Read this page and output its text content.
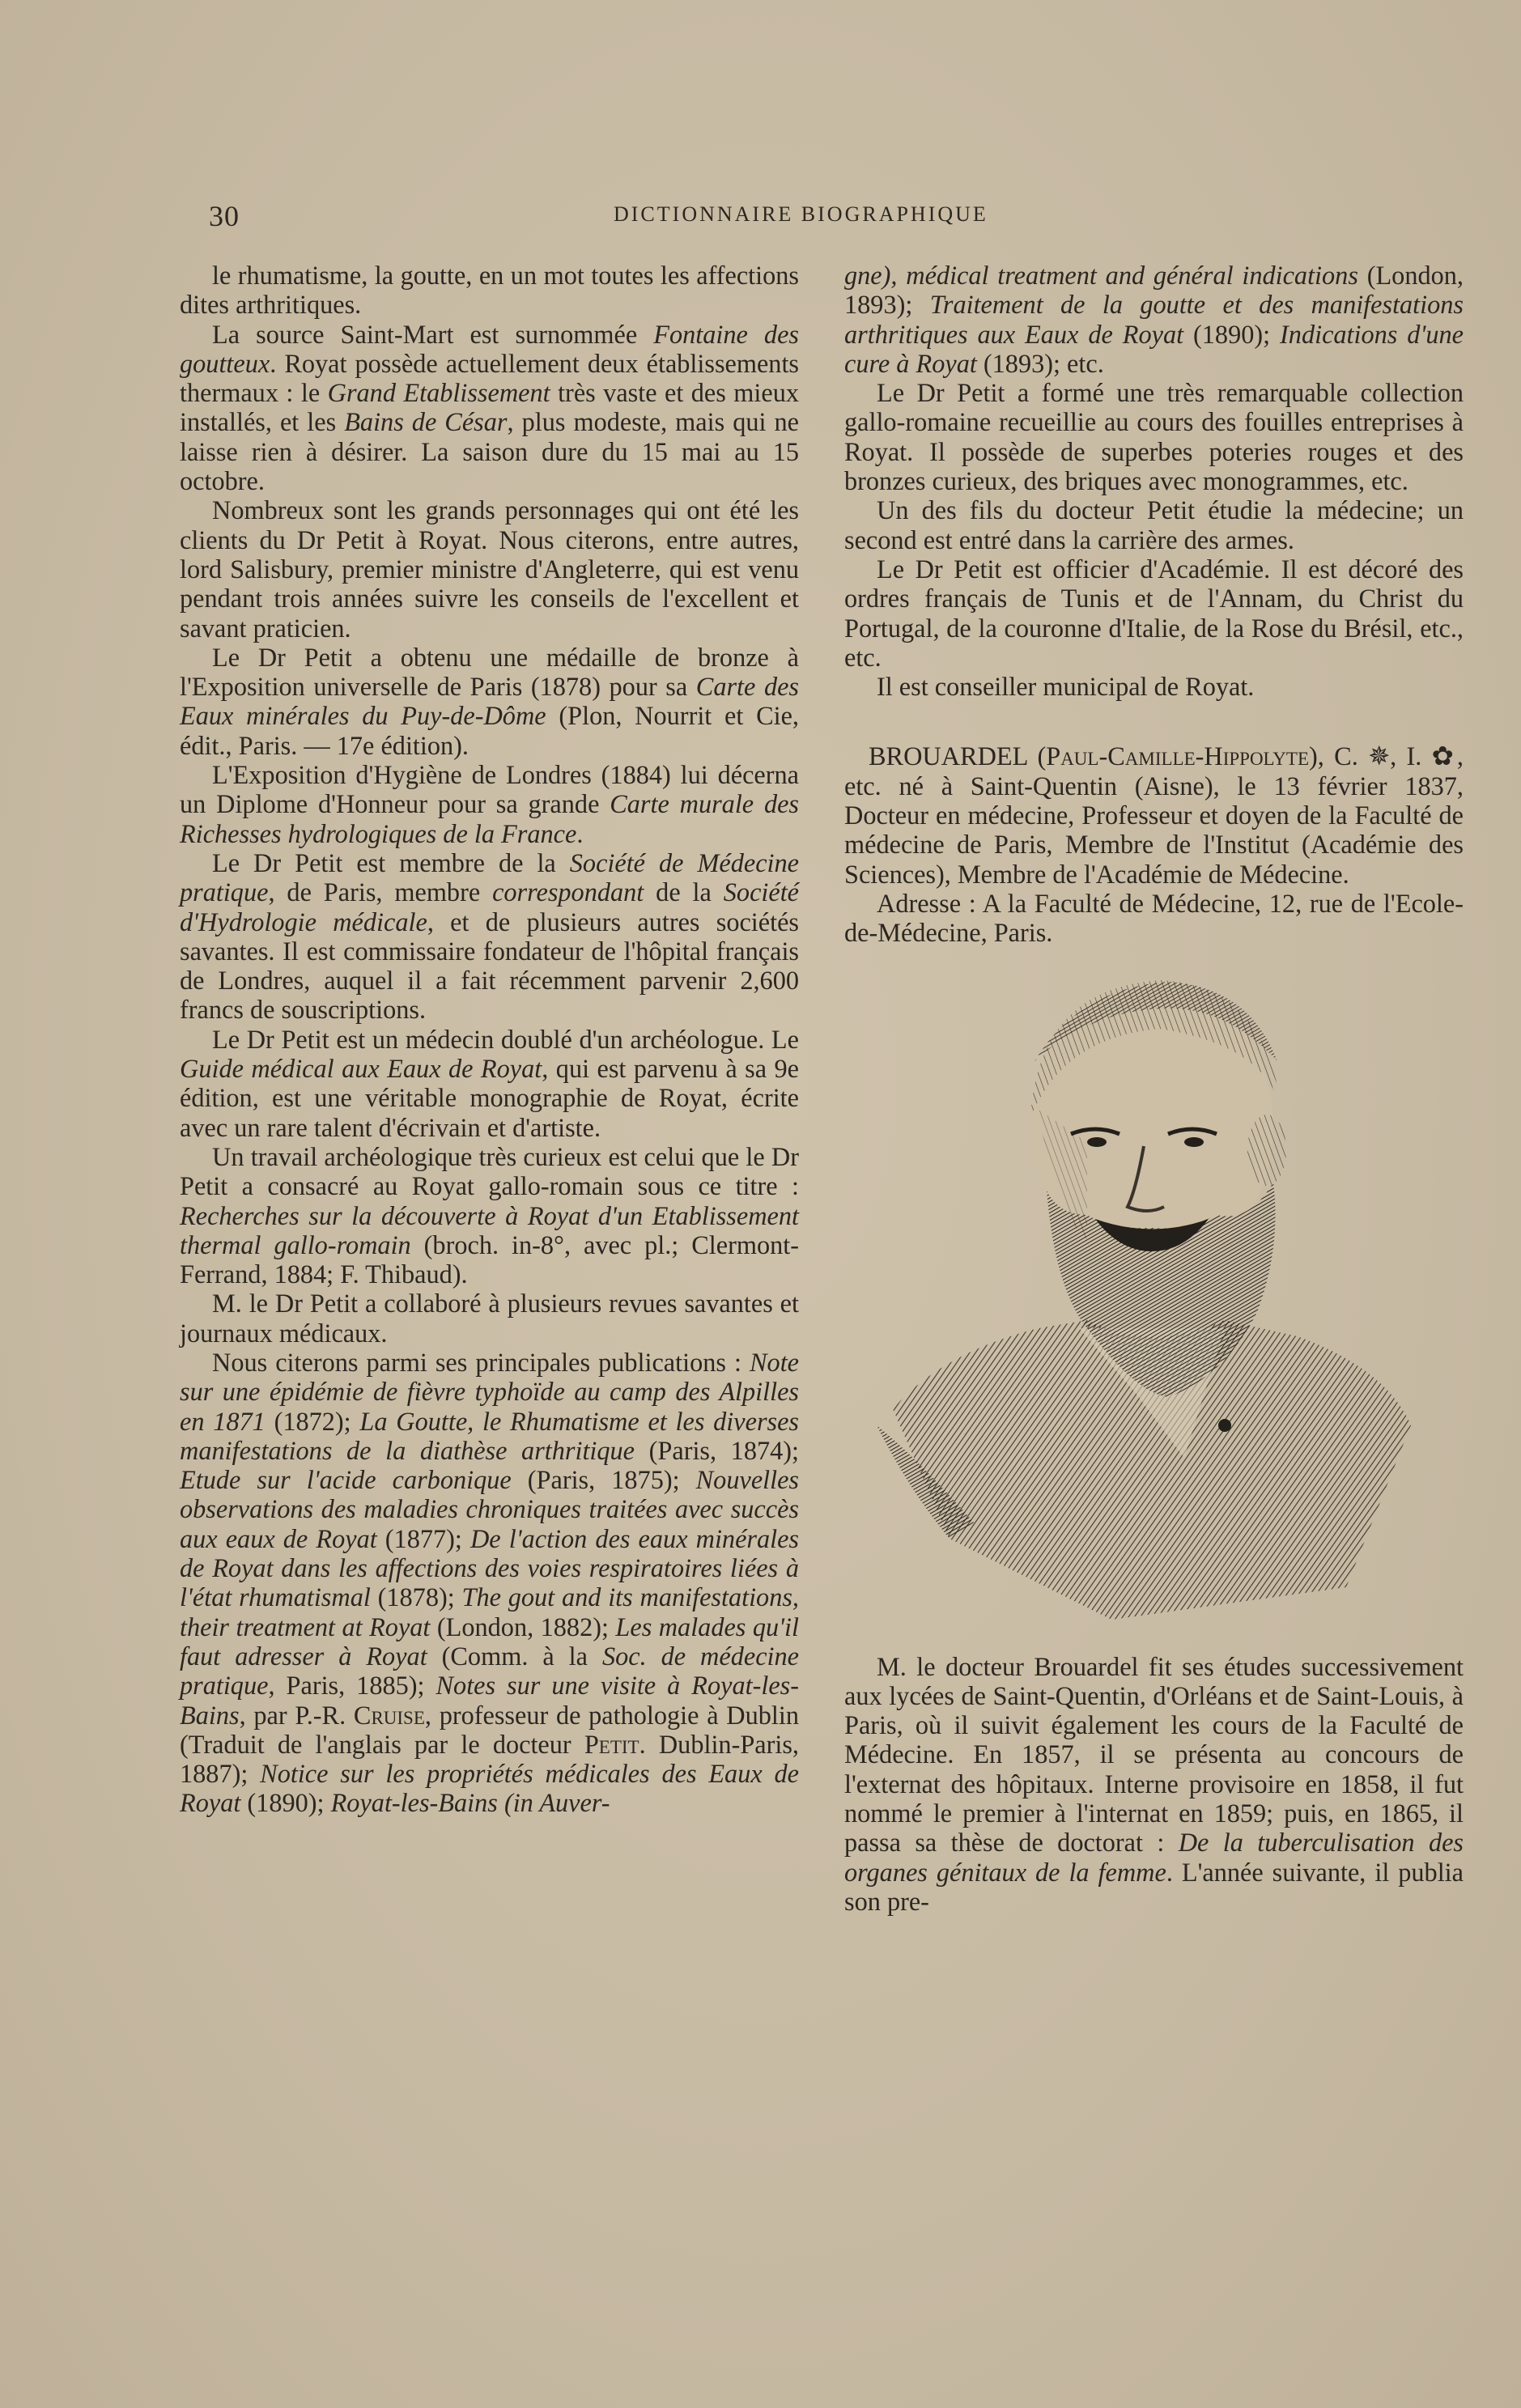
30	DICTIONNAIRE BIOGRAPHIQUE

le rhumatisme, la goutte, en un mot toutes les affections dites arthritiques.

La source Saint-Mart est surnommée Fontaine des goutteux. Royat possède actuellement deux établissements thermaux : le Grand Etablissement très vaste et des mieux installés, et les Bains de César, plus modeste, mais qui ne laisse rien à désirer. La saison dure du 15 mai au 15 octobre.

Nombreux sont les grands personnages qui ont été les clients du Dr Petit à Royat. Nous citerons, entre autres, lord Salisbury, premier ministre d'Angleterre, qui est venu pendant trois années suivre les conseils de l'excellent et savant praticien.

Le Dr Petit a obtenu une médaille de bronze à l'Exposition universelle de Paris (1878) pour sa Carte des Eaux minérales du Puy-de-Dôme (Plon, Nourrit et Cie, édit., Paris. — 17e édition).

L'Exposition d'Hygiène de Londres (1884) lui décerna un Diplome d'Honneur pour sa grande Carte murale des Richesses hydrologiques de la France.

Le Dr Petit est membre de la Société de Médecine pratique, de Paris, membre correspondant de la Société d'Hydrologie médicale, et de plusieurs autres sociétés savantes. Il est commissaire fondateur de l'hôpital français de Londres, auquel il a fait récemment parvenir 2,600 francs de souscriptions.

Le Dr Petit est un médecin doublé d'un archéologue. Le Guide médical aux Eaux de Royat, qui est parvenu à sa 9e édition, est une véritable monographie de Royat, écrite avec un rare talent d'écrivain et d'artiste.

Un travail archéologique très curieux est celui que le Dr Petit a consacré au Royat gallo-romain sous ce titre : Recherches sur la découverte à Royat d'un Etablissement thermal gallo-romain (broch. in-8°, avec pl.; Clermont-Ferrand, 1884; F. Thibaud).

M. le Dr Petit a collaboré à plusieurs revues savantes et journaux médicaux.

Nous citerons parmi ses principales publications : Note sur une épidémie de fièvre typhoïde au camp des Alpilles en 1871 (1872); La Goutte, le Rhumatisme et les diverses manifestations de la diathèse arthritique (Paris, 1874); Etude sur l'acide carbonique (Paris, 1875); Nouvelles observations des maladies chroniques traitées avec succès aux eaux de Royat (1877); De l'action des eaux minérales de Royat dans les affections des voies respiratoires liées à l'état rhumatismal (1878); The gout and its manifestations, their treatment at Royat (London, 1882); Les malades qu'il faut adresser à Royat (Comm. à la Soc. de médecine pratique, Paris, 1885); Notes sur une visite à Royat-les-Bains, par P.-R. Cruise, professeur de pathologie à Dublin (Traduit de l'anglais par le docteur Petit. Dublin-Paris, 1887); Notice sur les propriétés médicales des Eaux de Royat (1890); Royat-les-Bains (in Auver-

gne), médical treatment and général indications (London, 1893); Traitement de la goutte et des manifestations arthritiques aux Eaux de Royat (1890); Indications d'une cure à Royat (1893); etc.

Le Dr Petit a formé une très remarquable collection gallo-romaine recueillie au cours des fouilles entreprises à Royat. Il possède de superbes poteries rouges et des bronzes curieux, des briques avec monogrammes, etc.

Un des fils du docteur Petit étudie la médecine; un second est entré dans la carrière des armes.

Le Dr Petit est officier d'Académie. Il est décoré des ordres français de Tunis et de l'Annam, du Christ du Portugal, de la couronne d'Italie, de la Rose du Brésil, etc., etc.

Il est conseiller municipal de Royat.

BROUARDEL (Paul-Camille-Hippolyte), C. ✵, I. ✿, etc. né à Saint-Quentin (Aisne), le 13 février 1837, Docteur en médecine, Professeur et doyen de la Faculté de médecine de Paris, Membre de l'Institut (Académie des Sciences), Membre de l'Académie de Médecine.

Adresse : A la Faculté de Médecine, 12, rue de l'Ecole-de-Médecine, Paris.

M. le docteur Brouardel fit ses études successivement aux lycées de Saint-Quentin, d'Orléans et de Saint-Louis, à Paris, où il suivit également les cours de la Faculté de Médecine. En 1857, il se présenta au concours de l'externat des hôpitaux. Interne provisoire en 1858, il fut nommé le premier à l'internat en 1859; puis, en 1865, il passa sa thèse de doctorat : De la tuberculisation des organes génitaux de la femme. L'année suivante, il publia son pre-
